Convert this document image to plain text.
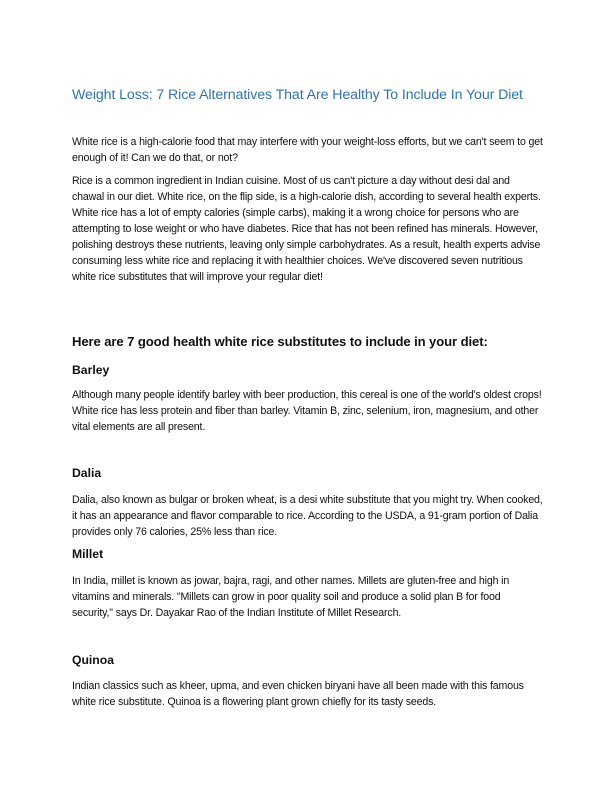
Weight Loss: 7 Rice Alternatives That Are Healthy To Include In Your Diet

White rice is a high-calorie food that may interfere with your weight-loss efforts, but we can't seem to get enough of it! Can we do that, or not?

Rice is a common ingredient in Indian cuisine. Most of us can't picture a day without desi dal and chawal in our diet. White rice, on the flip side, is a high-calorie dish, according to several health experts. White rice has a lot of empty calories (simple carbs), making it a wrong choice for persons who are attempting to lose weight or who have diabetes. Rice that has not been refined has minerals. However, polishing destroys these nutrients, leaving only simple carbohydrates. As a result, health experts advise consuming less white rice and replacing it with healthier choices. We've discovered seven nutritious white rice substitutes that will improve your regular diet!

Here are 7 good health white rice substitutes to include in your diet:
Barley

Although many people identify barley with beer production, this cereal is one of the world's oldest crops! White rice has less protein and fiber than barley. Vitamin B, zinc, selenium, iron, magnesium, and other vital elements are all present.

Dalia

Dalia, also known as bulgar or broken wheat, is a desi white substitute that you might try. When cooked, it has an appearance and flavor comparable to rice. According to the USDA, a 91-gram portion of Dalia provides only 76 calories, 25% less than rice.

Millet

In India, millet is known as jowar, bajra, ragi, and other names. Millets are gluten-free and high in vitamins and minerals. "Millets can grow in poor quality soil and produce a solid plan B for food security," says Dr. Dayakar Rao of the Indian Institute of Millet Research.

Quinoa

Indian classics such as kheer, upma, and even chicken biryani have all been made with this famous white rice substitute. Quinoa is a flowering plant grown chiefly for its tasty seeds.
